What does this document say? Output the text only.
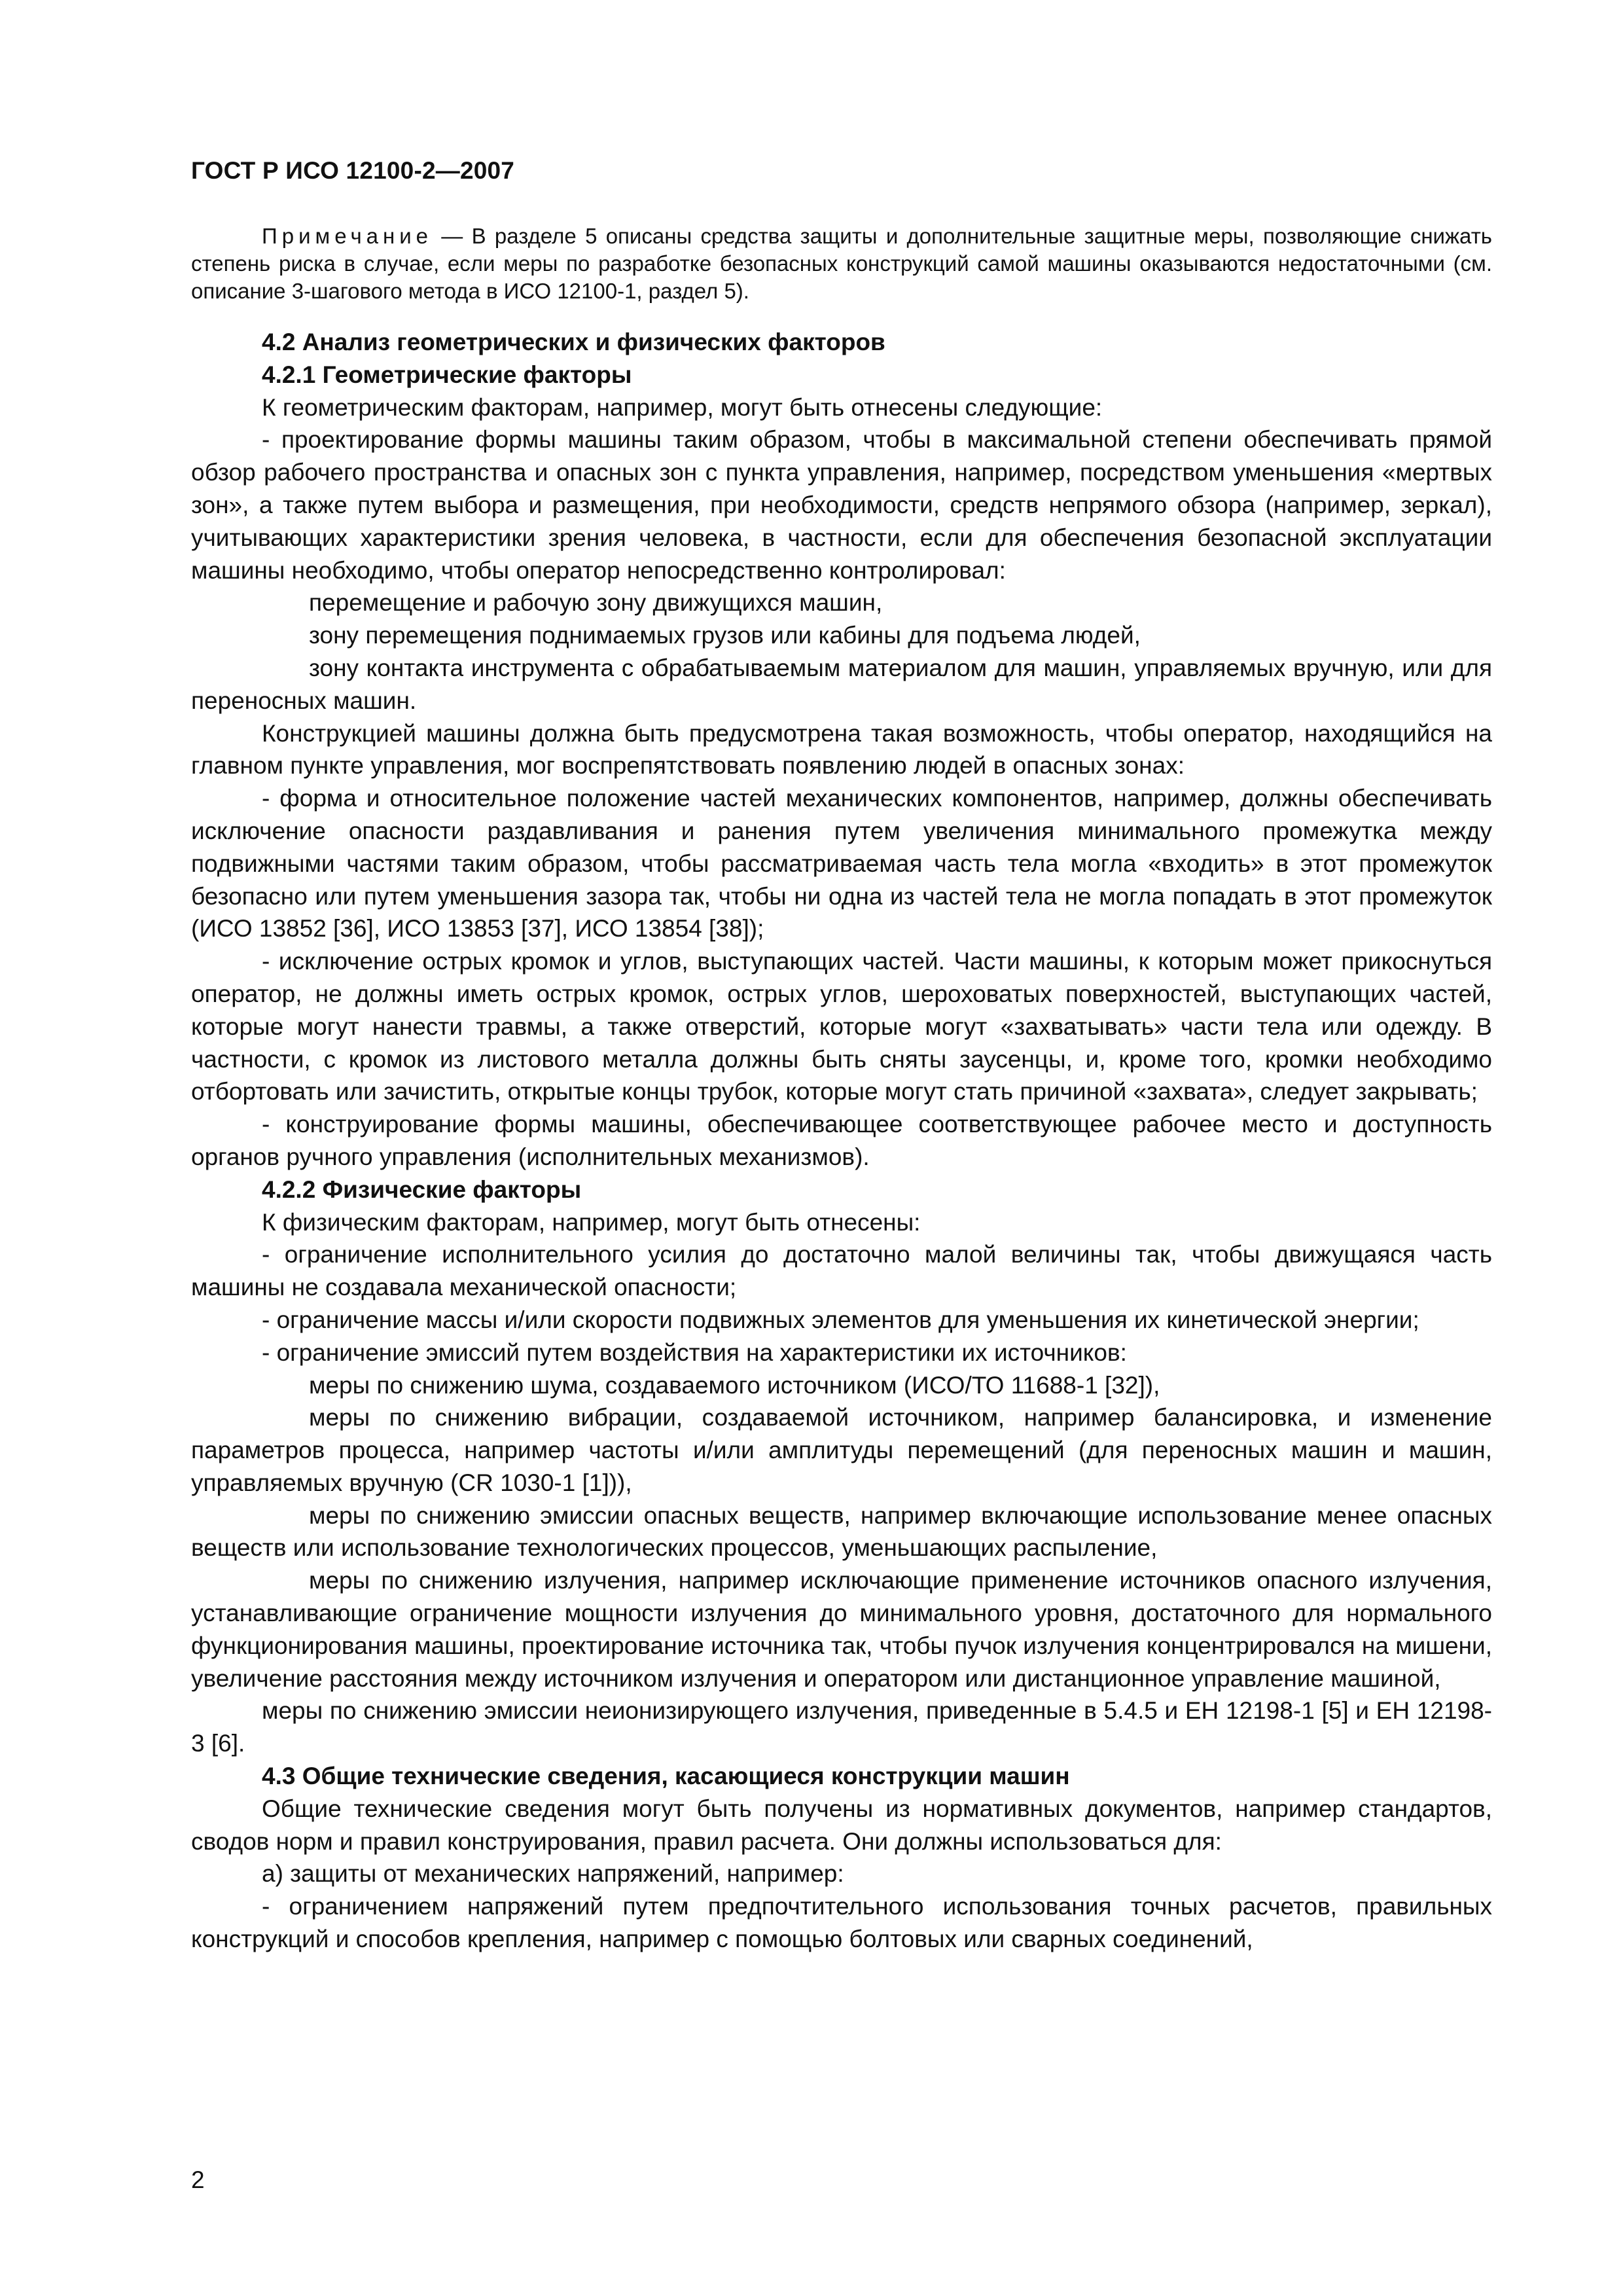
ГОСТ Р ИСО 12100-2—2007

Примечание — В разделе 5 описаны средства защиты и дополнительные защитные меры, позволяющие снижать степень риска в случае, если меры по разработке безопасных конструкций самой машины оказываются недостаточными (см. описание 3-шагового метода в ИСО 12100-1, раздел 5).

4.2 Анализ геометрических и физических факторов

4.2.1 Геометрические факторы

К геометрическим факторам, например, могут быть отнесены следующие:

- проектирование формы машины таким образом, чтобы в максимальной степени обеспечивать прямой обзор рабочего пространства и опасных зон с пункта управления, например, посредством уменьшения «мертвых зон», а также путем выбора и размещения, при необходимости, средств непрямого обзора (например, зеркал), учитывающих характеристики зрения человека, в частности, если для обеспечения безопасной эксплуатации машины необходимо, чтобы оператор непосредственно контролировал:

перемещение и рабочую зону движущихся машин,

зону перемещения поднимаемых грузов или кабины для подъема людей,

зону контакта инструмента с обрабатываемым материалом для машин, управляемых вручную, или для переносных машин.

Конструкцией машины должна быть предусмотрена такая возможность, чтобы оператор, находящийся на главном пункте управления, мог воспрепятствовать появлению людей в опасных зонах:

- форма и относительное положение частей механических компонентов, например, должны обеспечивать исключение опасности раздавливания и ранения путем увеличения минимального промежутка между подвижными частями таким образом, чтобы рассматриваемая часть тела могла «входить» в этот промежуток безопасно или путем уменьшения зазора так, чтобы ни одна из частей тела не могла попадать в этот промежуток (ИСО 13852 [36], ИСО 13853 [37], ИСО 13854 [38]);

- исключение острых кромок и углов, выступающих частей. Части машины, к которым может прикоснуться оператор, не должны иметь острых кромок, острых углов, шероховатых поверхностей, выступающих частей, которые могут нанести травмы, а также отверстий, которые могут «захватывать» части тела или одежду. В частности, с кромок из листового металла должны быть сняты заусенцы, и, кроме того, кромки необходимо отбортовать или зачистить, открытые концы трубок, которые могут стать причиной «захвата», следует закрывать;

- конструирование формы машины, обеспечивающее соответствующее рабочее место и доступность органов ручного управления (исполнительных механизмов).

4.2.2 Физические факторы

К физическим факторам, например, могут быть отнесены:

- ограничение исполнительного усилия до достаточно малой величины так, чтобы движущаяся часть машины не создавала механической опасности;

- ограничение массы и/или скорости подвижных элементов для уменьшения их кинетической энергии;

- ограничение эмиссий путем воздействия на характеристики их источников:

меры по снижению шума, создаваемого источником (ИСО/ТО 11688-1 [32]),

меры по снижению вибрации, создаваемой источником, например балансировка, и изменение параметров процесса, например частоты и/или амплитуды перемещений (для переносных машин и машин, управляемых вручную (CR 1030-1 [1])),

меры по снижению эмиссии опасных веществ, например включающие использование менее опасных веществ или использование технологических процессов, уменьшающих распыление,

меры по снижению излучения, например исключающие применение источников опасного излучения, устанавливающие ограничение мощности излучения до минимального уровня, достаточного для нормального функционирования машины, проектирование источника так, чтобы пучок излучения концентрировался на мишени, увеличение расстояния между источником излучения и оператором или дистанционное управление машиной,

меры по снижению эмиссии неионизирующего излучения, приведенные в 5.4.5 и ЕН 12198-1 [5] и ЕН 12198-3 [6].

4.3 Общие технические сведения, касающиеся конструкции машин

Общие технические сведения могут быть получены из нормативных документов, например стандартов, сводов норм и правил конструирования, правил расчета. Они должны использоваться для:

а) защиты от механических напряжений, например:

- ограничением напряжений путем предпочтительного использования точных расчетов, правильных конструкций и способов крепления, например с помощью болтовых или сварных соединений,

2
